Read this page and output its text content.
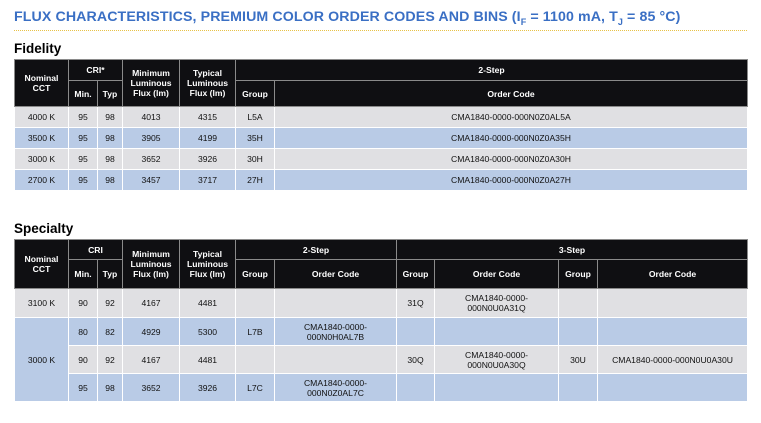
FLUX CHARACTERISTICS, PREMIUM COLOR ORDER CODES AND BINS ($I_F = 1100$ mA, $T_J = 85$ °C)
Fidelity
Nominal CCT	CRI*		Minimum Luminous Flux (lm)	Typical Luminous Flux (lm)	2-Step	
	Min.	Typ			Group	Order Code
4000 K	95	98	4013	4315	L5A	CMA1840-0000-000N0Z0AL5A
3500 K	95	98	3905	4199	35H	CMA1840-0000-000N0Z0A35H
3000 K	95	98	3652	3926	30H	CMA1840-0000-000N0Z0A30H
2700 K	95	98	3457	3717	27H	CMA1840-0000-000N0Z0A27H
Specialty
Nominal CCT	CRI		Minimum Luminous Flux (lm)	Typical Luminous Flux (lm)	2-Step		3-Step			
	Min.	Typ			Group	Order Code	Group	Order Code	Group	Order Code
3100 K	90	92	4167	4481			31Q	CMA1840-0000-000N0U0A31Q		
3000 K	80	82	4929	5300	L7B	CMA1840-0000-000N0H0AL7B				
	90	92	4167	4481			30Q	CMA1840-0000-000N0U0A30Q	30U	CMA1840-0000-000N0U0A30U
	95	98	3652	3926	L7C	CMA1840-0000-000N0Z0AL7C				
